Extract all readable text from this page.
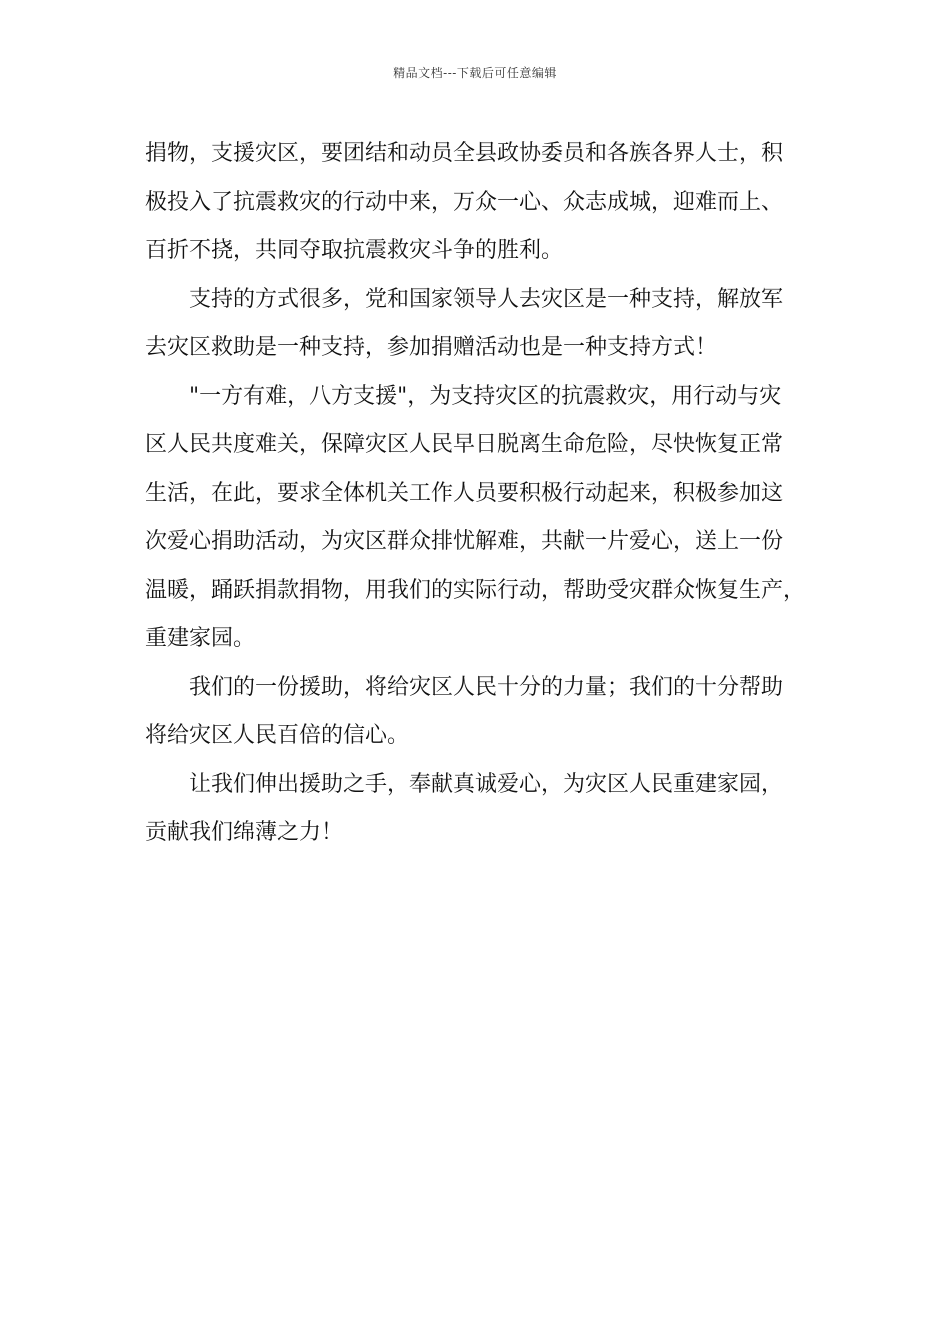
精品文档---下载后可任意编辑
捐物，支援灾区，要团结和动员全县政协委员和各族各界人士，积
极投入了抗震救灾的行动中来，万众一心、众志成城，迎难而上、
百折不挠，共同夺取抗震救灾斗争的胜利。
支持的方式很多，党和国家领导人去灾区是一种支持，解放军
去灾区救助是一种支持，参加捐赠活动也是一种支持方式！
"一方有难，八方支援"，为支持灾区的抗震救灾，用行动与灾
区人民共度难关，保障灾区人民早日脱离生命危险，尽快恢复正常
生活，在此，要求全体机关工作人员要积极行动起来，积极参加这
次爱心捐助活动，为灾区群众排忧解难，共献一片爱心，送上一份
温暖，踊跃捐款捐物，用我们的实际行动，帮助受灾群众恢复生产，
重建家园。
我们的一份援助，将给灾区人民十分的力量；我们的十分帮助
将给灾区人民百倍的信心。
让我们伸出援助之手，奉献真诚爱心，为灾区人民重建家园，
贡献我们绵薄之力！
